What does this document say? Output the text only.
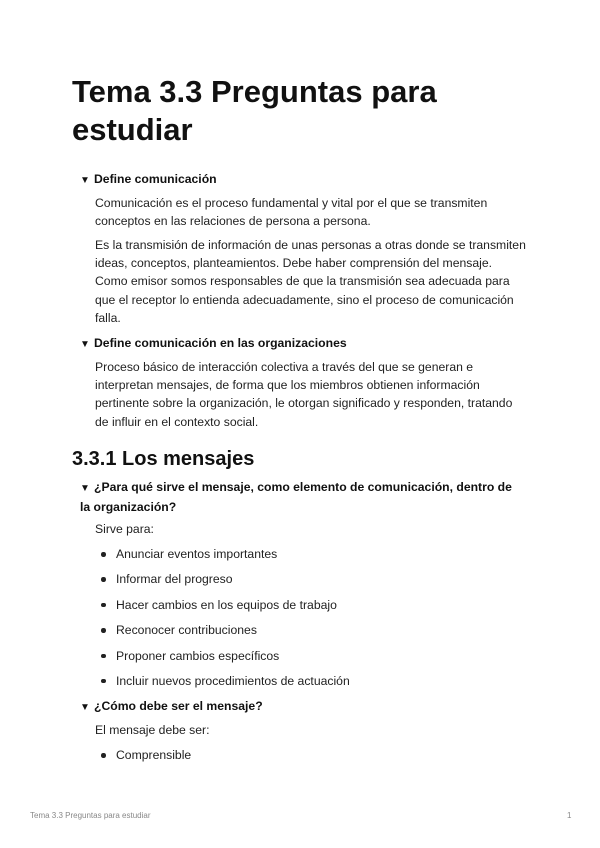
Tema 3.3 Preguntas para estudiar
▼ Define comunicación

Comunicación es el proceso fundamental y vital por el que se transmiten conceptos en las relaciones de persona a persona.

Es la transmisión de información de unas personas a otras donde se transmiten ideas, conceptos, planteamientos. Debe haber comprensión del mensaje. Como emisor somos responsables de que la transmisión sea adecuada para que el receptor lo entienda adecuadamente, sino el proceso de comunicación falla.

▼ Define comunicación en las organizaciones

Proceso básico de interacción colectiva a través del que se generan e interpretan mensajes, de forma que los miembros obtienen información pertinente sobre la organización, le otorgan significado y responden, tratando de influir en el contexto social.

3.3.1 Los mensajes
▼ ¿Para qué sirve el mensaje, como elemento de comunicación, dentro de la organización?

Sirve para:

Anunciar eventos importantes
Informar del progreso
Hacer cambios en los equipos de trabajo
Reconocer contribuciones
Proponer cambios específicos
Incluir nuevos procedimientos de actuación
▼ ¿Cómo debe ser el mensaje?

El mensaje debe ser:

Comprensible
Tema 3.3 Preguntas para estudiar	1
